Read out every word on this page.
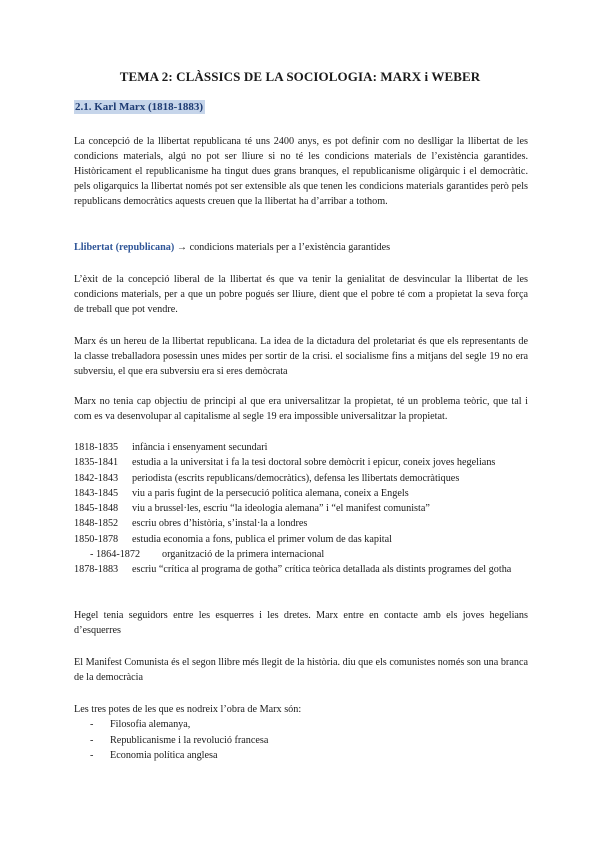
TEMA 2: CLÀSSICS DE LA SOCIOLOGIA: MARX i WEBER
2.1. Karl Marx (1818-1883)
La concepció de la llibertat republicana té uns 2400 anys, es pot definir com no deslligar la llibertat de les condicions materials, algú no pot ser lliure si no té les condicions materials de l’existència garantides. Històricament el republicanisme ha tingut dues grans branques, el republicanisme oligàrquic i el democràtic. pels oligarquics la llibertat només pot ser extensible als que tenen les condicions materials garantides però pels republicans democràtics aquests creuen que la llibertat ha d’arribar a tothom.
Llibertat (republicana) → condicions materials per a l’existència garantides
L’èxit de la concepció liberal de la llibertat és que va tenir la genialitat de desvincular la llibertat de les condicions materials, per a que un pobre pogués ser lliure, dient que el pobre té com a propietat la seva força de treball que pot vendre.
Marx és un hereu de la llibertat republicana. La idea de la dictadura del proletariat és que els representants de la classe treballadora posessin unes mides per sortir de la crisi. el socialisme fins a mitjans del segle 19 no era subversiu, el que era subversiu era si eres demòcrata
Marx no tenia cap objectiu de principi al que era universalitzar la propietat, té un problema teòric, que tal i com es va desenvolupar al capitalisme al segle 19 era impossible universalitzar la propietat.
1818-1835	infància i ensenyament secundari
1835-1841	estudia a la universitat i fa la tesi doctoral sobre demòcrit i epicur, coneix joves hegelians
1842-1843	periodista (escrits republicans/democràtics), defensa les llibertats democràtiques
1843-1845	viu a paris fugint de la persecució política alemana, coneix a Engels
1845-1848	viu a brussel·les, escriu “la ideologia alemana” i “el manifest comunista”
1848-1852	escriu obres d’història, s’instal·la a londres
1850-1878	estudia economia a fons, publica el primer volum de das kapital
- 1864-1872	organització de la primera internacional
1878-1883	escriu “crítica al programa de gotha” crítica teòrica detallada als distints programes del gotha
Hegel tenia seguidors entre les esquerres i les dretes. Marx entre en contacte amb els joves hegelians d’esquerres
El Manifest Comunista és el segon llibre més llegit de la història. diu que els comunistes només son una branca de la democràcia
Les tres potes de les que es nodreix l’obra de Marx són:
- Filosofia alemanya,
- Republicanisme i la revolució francesa
- Economia política anglesa
